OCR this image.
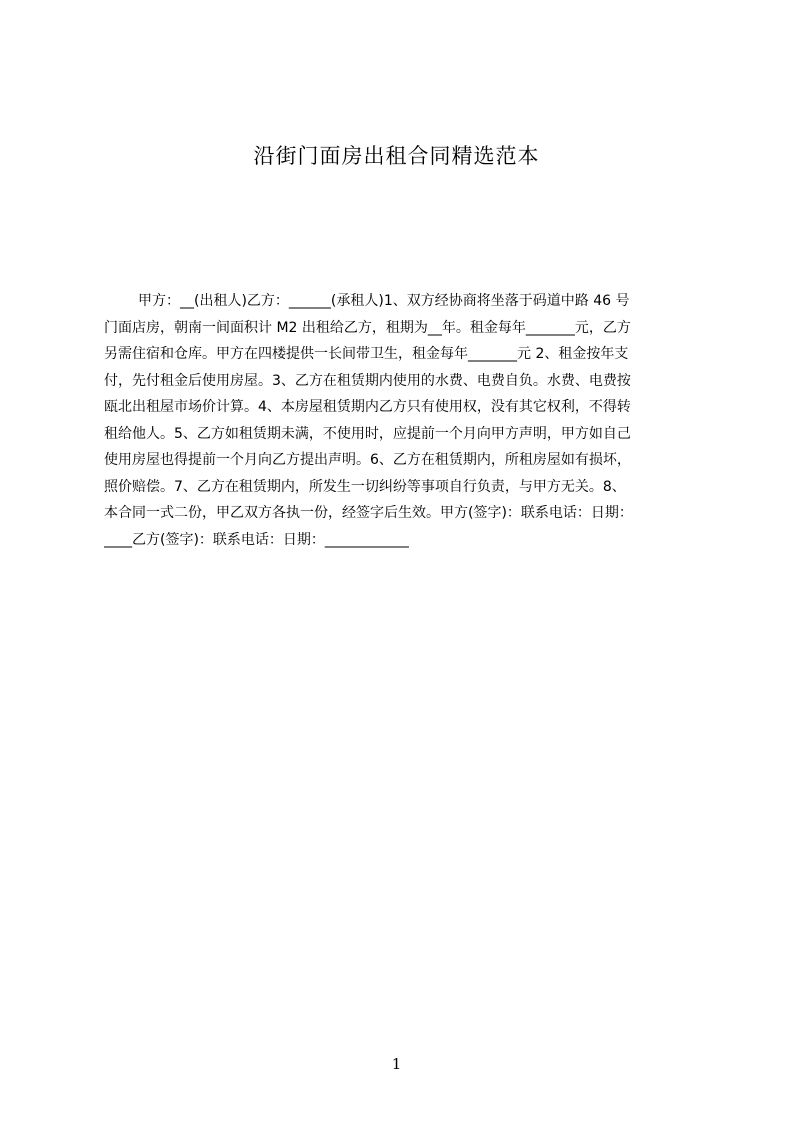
沿街门面房出租合同精选范本
甲方：__(出租人)乙方：______(承租人)1、双方经协商将坐落于码道中路 46 号
门面店房，朝南一间面积计 M2 出租给乙方，租期为__年。租金每年_______元，乙方
另需住宿和仓库。甲方在四楼提供一长间带卫生，租金每年_______元 2、租金按年支
付，先付租金后使用房屋。3、乙方在租赁期内使用的水费、电费自负。水费、电费按
瓯北出租屋市场价计算。4、本房屋租赁期内乙方只有使用权，没有其它权利，不得转
租给他人。5、乙方如租赁期未满，不使用时，应提前一个月向甲方声明，甲方如自己
使用房屋也得提前一个月向乙方提出声明。6、乙方在租赁期内，所租房屋如有损坏，
照价赔偿。7、乙方在租赁期内，所发生一切纠纷等事项自行负责，与甲方无关。8、
本合同一式二份，甲乙双方各执一份，经签字后生效。甲方(签字)：联系电话：日期：
____乙方(签字)：联系电话：日期：____________
1
